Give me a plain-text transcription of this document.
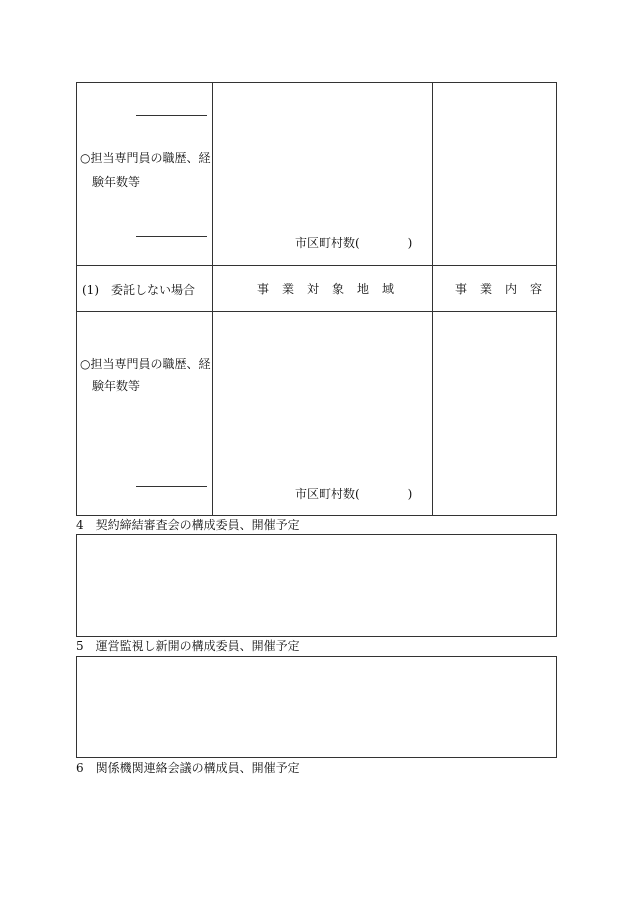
○担当専門員の職歴、経
験年数等
市区町村数(　　　　)
(1)　委託しない場合	事業対象地域	事業内容
○担当専門員の職歴、経
験年数等
市区町村数(　　　　)
4　契約締結審査会の構成委員、開催予定
5　運営監視し新開の構成委員、開催予定
6　関係機関連絡会議の構成員、開催予定
